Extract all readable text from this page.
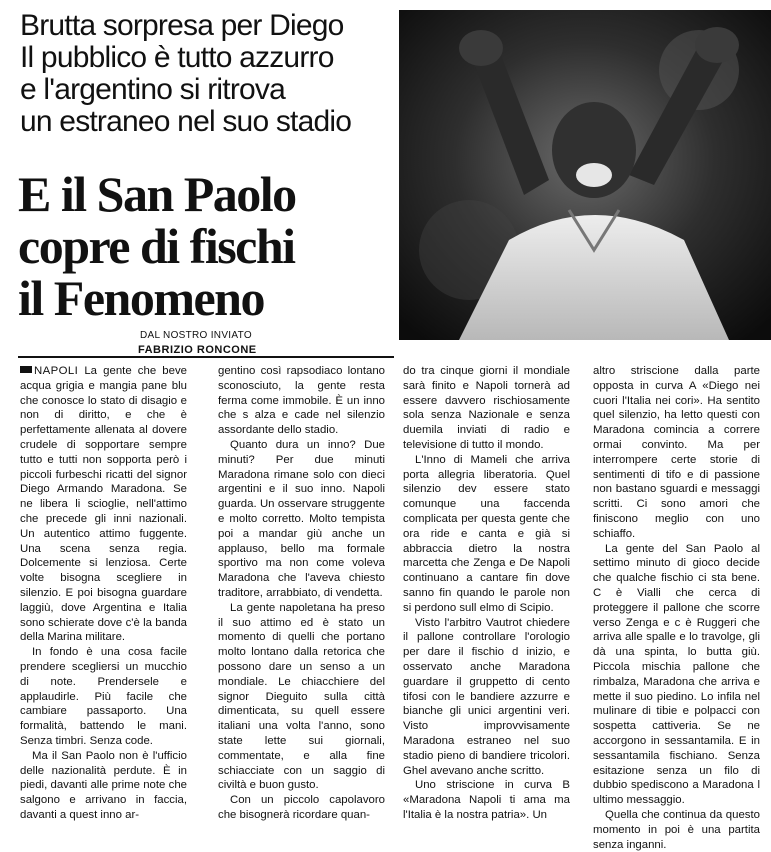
Brutta sorpresa per Diego
Il pubblico è tutto azzurro
e l'argentino si ritrova
un estraneo nel suo stadio
E il San Paolo
copre di fischi
il Fenomeno
DAL NOSTRO INVIATO
FABRIZIO RONCONE

NAPOLI La gente che beve acqua grigia e mangia pane blu che conosce lo stato di disagio e non di diritto, e che è perfettamente allenata al dovere crudele di sopportare sempre tutto e tutti non sopporta però i piccoli furbeschi ricatti del signor Diego Armando Maradona. Se ne libera li scioglie, nell'attimo che precede gli inni nazionali. Un autentico attimo fuggente. Una scena senza regia. Dolcemente si lenziosa. Certe volte bisogna scegliere in silenzio. E poi bisogna guardare laggiù, dove Argentina e Italia sono schierate dove c'è la banda della Marina militare.

In fondo è una cosa facile prendere scegliersi un mucchio di note. Prendersele e applaudirle. Più facile che cambiare passaporto. Una formalità, battendo le mani. Senza timbri. Senza code.

Ma il San Paolo non è l'ufficio delle nazionalità perdute. È in piedi, davanti alle prime note che salgono e arrivano in faccia, davanti a quest inno ar-

gentino così rapsodiaco lontano sconosciuto, la gente resta ferma come immobile. È un inno che s alza e cade nel silenzio assordante dello stadio.

Quanto dura un inno? Due minuti? Per due minuti Maradona rimane solo con dieci argentini e il suo inno. Napoli guarda. Un osservare struggente e molto corretto. Molto tempista poi a mandar giù anche un applauso, bello ma formale sportivo ma non come voleva Maradona che l'aveva chiesto traditore, arrabbiato, di vendetta.

La gente napoletana ha preso il suo attimo ed è stato un momento di quelli che portano molto lontano dalla retorica che possono dare un senso a un mondiale. Le chiacchiere del signor Dieguito sulla città dimenticata, su quell essere italiani una volta l'anno, sono state lette sui giornali, commentate, e alla fine schiacciate con un saggio di civiltà e buon gusto.

Con un piccolo capolavoro che bisognerà ricordare quan-

do tra cinque giorni il mondiale sarà finito e Napoli tornerà ad essere davvero rischiosamente sola senza Nazionale e senza duemila inviati di radio e televisione di tutto il mondo.

L'Inno di Mameli che arriva porta allegria liberatoria. Quel silenzio dev essere stato comunque una faccenda complicata per questa gente che ora ride e canta e già si abbraccia dietro la nostra marcetta che Zenga e De Napoli continuano a cantare fin dove sanno fin quando le parole non si perdono sull elmo di Scipio.

Visto l'arbitro Vautrot chiedere il pallone controllare l'orologio per dare il fischio d inizio, e osservato anche Maradona guardare il gruppetto di cento tifosi con le bandiere azzurre e bianche gli unici argentini veri. Visto improvvisamente Maradona estraneo nel suo stadio pieno di bandiere tricolori. Ghel avevano anche scritto.

Uno striscione in curva B «Maradona Napoli ti ama ma l'Italia è la nostra patria». Un

altro striscione dalla parte opposta in curva A «Diego nei cuori l'Italia nei cori». Ha sentito quel silenzio, ha letto questi con Maradona comincia a correre ormai convinto. Ma per interrompere certe storie di sentimenti di tifo e di passione non bastano sguardi e messaggi scritti. Ci sono amori che finiscono meglio con uno schiaffo.

La gente del San Paolo al settimo minuto di gioco decide che qualche fischio ci sta bene. C è Vialli che cerca di proteggere il pallone che scorre verso Zenga e c è Ruggeri che arriva alle spalle e lo travolge, gli dà una spinta, lo butta giù. Piccola mischia pallone che rimbalza, Maradona che arriva e mette il suo piedino. Lo infila nel mulinare di tibie e polpacci con sospetta cattiveria. Se ne accorgono in sessantamila. E in sessantamila fischiano. Senza esitazione senza un filo di dubbio spediscono a Maradona l ultimo messaggio.

Quella che continua da questo momento in poi è una partita senza inganni.
